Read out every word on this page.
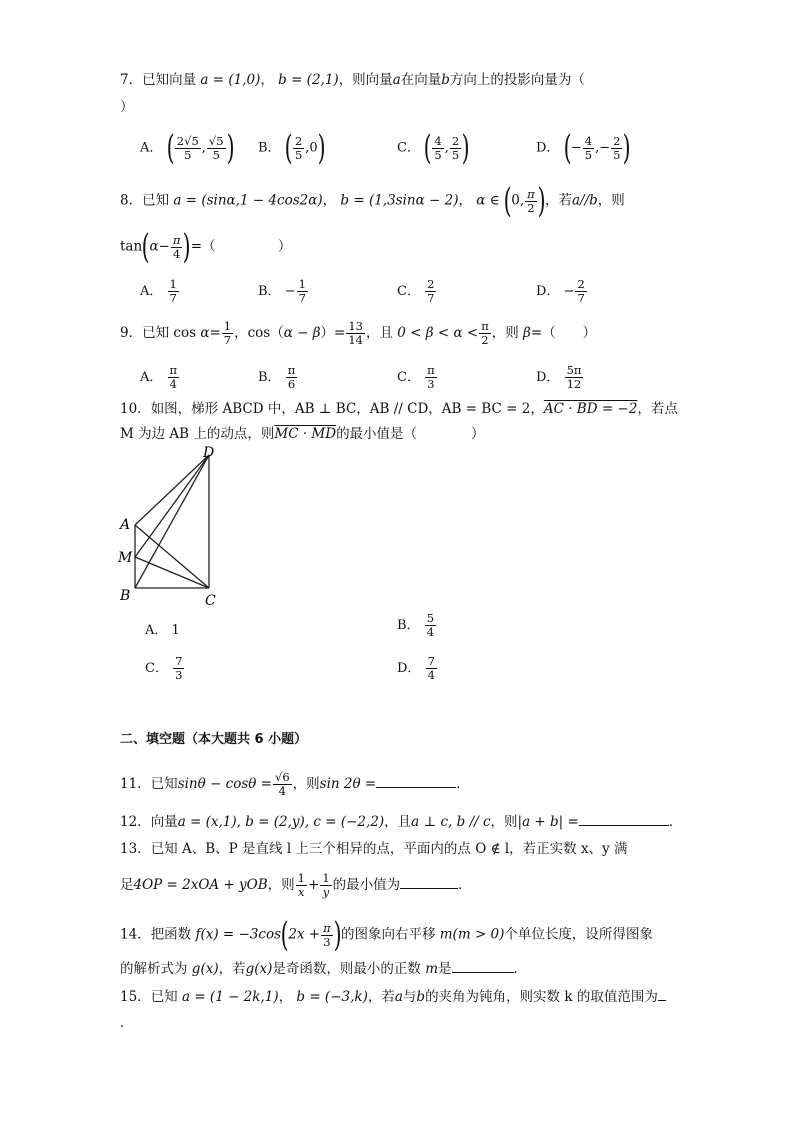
7．已知向量 a = (1,0)， b = (2,1)，则向量a在向量b方向上的投影向量为（
）
A． ( $\frac{2√5}{5}$ , $\frac{√5}{5}$ ) B． ( $\frac{2}{5} ,0$)	C． ( $\frac{4}{5}$ , $\frac{2}{5}$ )	D． (− $\frac{4}{5}$ ,− $\frac{2}{5}$ )
8．已知 a = (sinα,1 − 4cos2α)， b = (1,3sinα − 2)， α ∈ (0, $\frac{\pi}{2}$ )，若a//b，则
$\tan(\alpha- \frac{\pi}{4}$ )=（	）
A． $\frac{1}{7}$	B． − $\frac{1}{7}$	C． $\frac{2}{7}$	D． − $\frac{2}{7}$
9．已知 $\cos \alpha= \frac{1}{7}$ ，$\cos(\alpha - \beta)= \frac{13}{14}$ ，且 $0 < \beta < \alpha < \frac{\pi}{2}$ ，则 β=（　　）
A． $\frac{\pi}{4}$	B． $\frac{\pi}{6}$	C． $\frac{\pi}{3}$	D． $\frac{5\pi}{12}$
10．如图，梯形 ABCD 中，AB ⊥ BC，AB // CD，AB = BC = 2，AC · BD = −2，若点
M 为边 AB 上的动点，则MC · MD的最小值是（　　　　）
D
A
M
B	C
A． 1	B． $\frac{5}{4}$
C． $\frac{7}{3}$	D． $\frac{7}{4}$
二、填空题（本大题共 6 小题）
11．已知$\sin\theta - \cos\theta = \frac{√6}{4}$ ，则sin 2θ =	．
12．向量a = (x,1), b = (2,y), c = (−2,2)，且a ⊥ c, b // c，则|a + b| =	．
13．已知 A、B、P 是直线 l 上三个相异的点，平面内的点 O ∉ l，若正实数 x、y 满
足4OP = 2xOA + yOB，则 $\frac{1}{x} + \frac{1}{y}$ 的最小值为	．
14．把函数 $f(x) = -3\cos(2x + \frac{\pi}{3}$ )的图象向右平移 m(m > 0)个单位长度，设所得图象
的解析式为 g(x)，若g(x)是奇函数，则最小的正数 m是	．
15．已知 a = (1 − 2k,1)， b = (−3,k)，若a与b的夹角为钝角，则实数 k 的取值范围为
．
